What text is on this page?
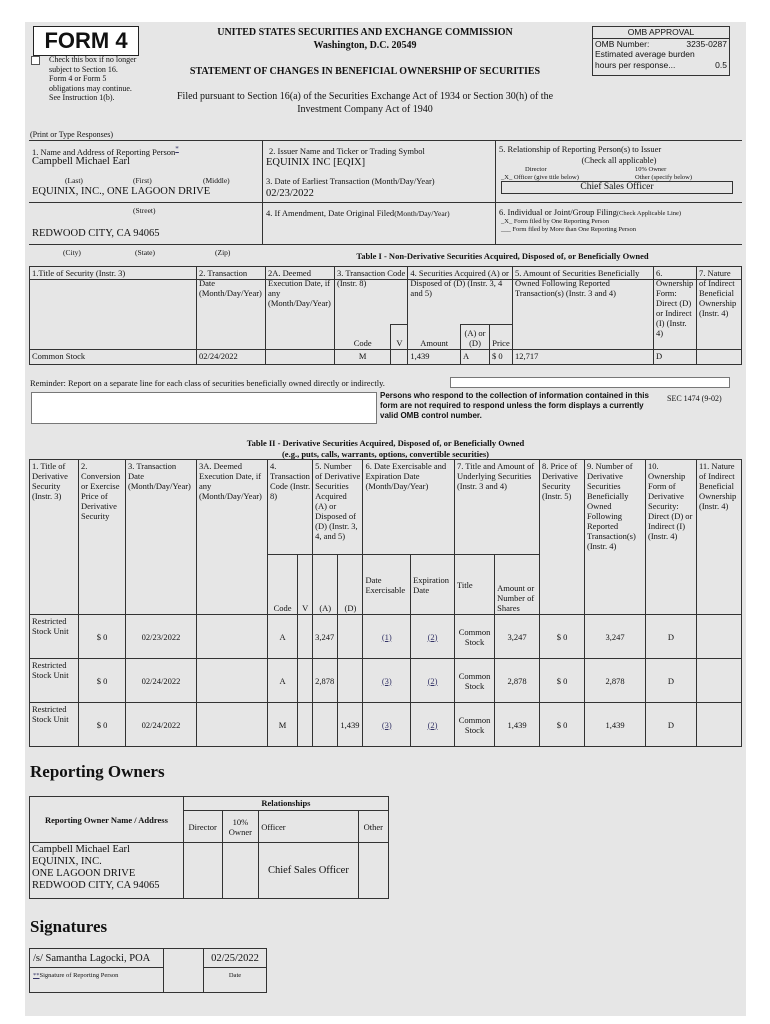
FORM 4
Check this box if no longer subject to Section 16. Form 4 or Form 5 obligations may continue. See Instruction 1(b).
UNITED STATES SECURITIES AND EXCHANGE COMMISSION
Washington, D.C. 20549
STATEMENT OF CHANGES IN BENEFICIAL OWNERSHIP OF SECURITIES
Filed pursuant to Section 16(a) of the Securities Exchange Act of 1934 or Section 30(h) of the
Investment Company Act of 1940
OMB APPROVAL
OMB Number:	3235-0287
Estimated average burden
hours per response...	0.5
(Print or Type Responses)
1. Name and Address of Reporting Person*
Campbell Michael Earl
(Last)	(First)	(Middle)
EQUINIX, INC., ONE LAGOON DRIVE
(Street)
REDWOOD CITY, CA 94065
(City)	(State)	(Zip)
2. Issuer Name and Ticker or Trading Symbol
EQUINIX INC [EQIX]
3. Date of Earliest Transaction (Month/Day/Year)
02/23/2022
4. If Amendment, Date Original Filed(Month/Day/Year)
5. Relationship of Reporting Person(s) to Issuer
(Check all applicable)
Director	10% Owner
_X_ Officer (give title below)	Other (specify below)
Chief Sales Officer
6. Individual or Joint/Group Filing(Check Applicable Line)
_X_ Form filed by One Reporting Person
___ Form filed by More than One Reporting Person
Table I - Non-Derivative Securities Acquired, Disposed of, or Beneficially Owned
1.Title of Security (Instr. 3)	2. Transaction Date (Month/Day/Year)	2A. Deemed Execution Date, if any (Month/Day/Year)	3. Transaction Code (Instr. 8)		4. Securities Acquired (A) or Disposed of (D) (Instr. 3, 4 and 5)			5. Amount of Securities Beneficially Owned Following Reported Transaction(s) (Instr. 3 and 4)	6. Ownership Form: Direct (D) or Indirect (I) (Instr. 4)	7. Nature of Indirect Beneficial Ownership (Instr. 4)
			Code	V	Amount	(A) or (D)	Price			
Common Stock	02/24/2022		M		1,439	A	$ 0	12,717	D	
Reminder: Report on a separate line for each class of securities beneficially owned directly or indirectly.
Persons who respond to the collection of information contained in this form are not required to respond unless the form displays a currently valid OMB control number.
SEC 1474 (9-02)
Table II - Derivative Securities Acquired, Disposed of, or Beneficially Owned
(e.g., puts, calls, warrants, options, convertible securities)
1. Title of Derivative Security (Instr. 3)	2. Conversion or Exercise Price of Derivative Security	3. Transaction Date (Month/Day/Year)	3A. Deemed Execution Date, if any (Month/Day/Year)	4. Transaction Code (Instr. 8)		5. Number of Derivative Securities Acquired (A) or Disposed of (D) (Instr. 3, 4, and 5)		6. Date Exercisable and Expiration Date (Month/Day/Year)		7. Title and Amount of Underlying Securities (Instr. 3 and 4)		8. Price of Derivative Security (Instr. 5)	9. Number of Derivative Securities Beneficially Owned Following Reported Transaction(s) (Instr. 4)	10. Ownership Form of Derivative Security: Direct (D) or Indirect (I) (Instr. 4)	11. Nature of Indirect Beneficial Ownership (Instr. 4)
				Code	V	(A)	(D)	Date Exercisable	Expiration Date	Title	Amount or Number of Shares				
Restricted Stock Unit	$ 0	02/23/2022		A		3,247		(1)	(2)	Common Stock	3,247	$ 0	3,247	D	
Restricted Stock Unit	$ 0	02/24/2022		A		2,878		(3)	(2)	Common Stock	2,878	$ 0	2,878	D	
Restricted Stock Unit	$ 0	02/24/2022		M			1,439	(3)	(2)	Common Stock	1,439	$ 0	1,439	D	
Reporting Owners
Reporting Owner Name / Address	Relationships			
	Director	10% Owner	Officer	Other

Campbell Michael Earl
EQUINIX, INC.
ONE LAGOON DRIVE
REDWOOD CITY, CA 94065			Chief Sales Officer	
Signatures
/s/ Samantha Lagocki, POA
**Signature of Reporting Person
02/25/2022
Date
